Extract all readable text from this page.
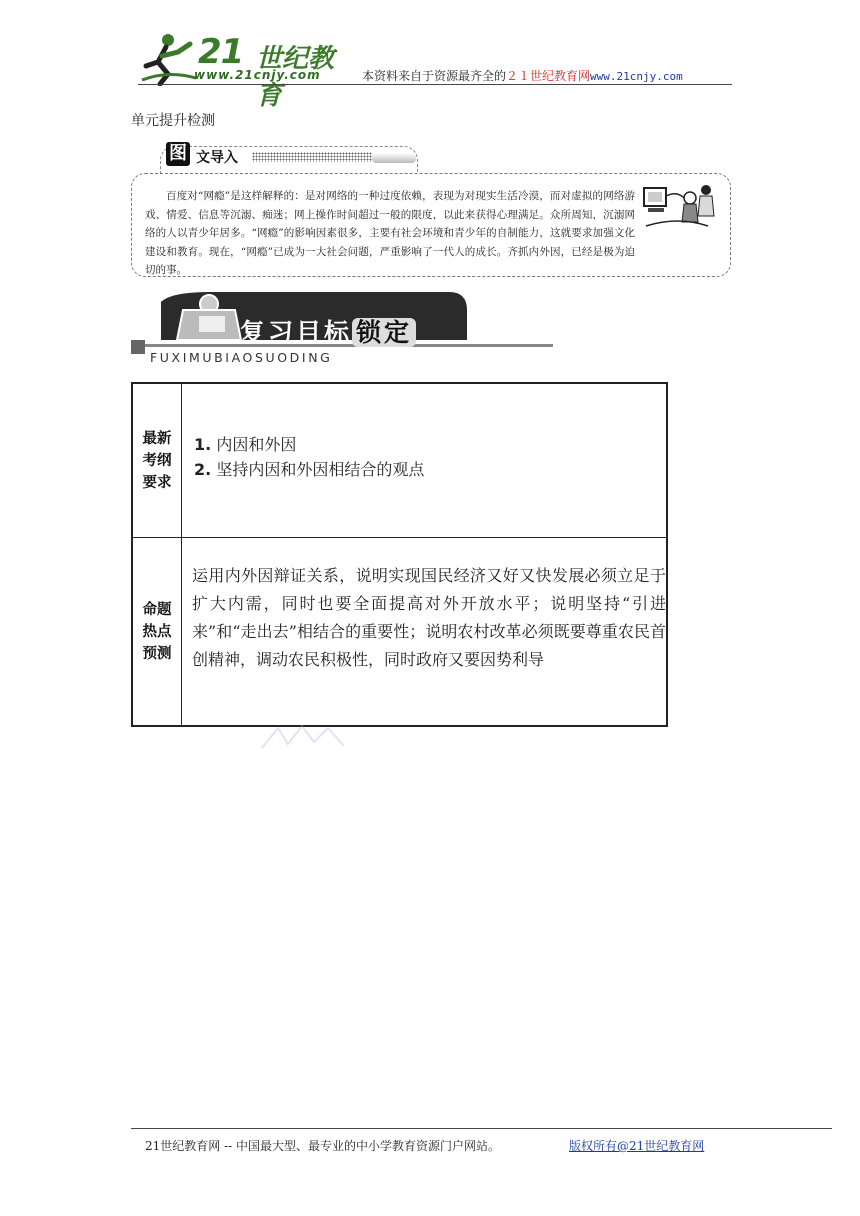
21 世纪教育
www.21cnjy.com	本资料来自于资源最齐全的２１世纪教育网www.21cnjy.com
单元提升检测
图 文导入
百度对“网瘾”是这样解释的：是对网络的一种过度依赖，表现为对现实生活冷漠，而对虚拟的网络游戏、情爱、信息等沉溺、痴迷；网上操作时间超过一般的限度，以此来获得心理满足。众所周知，沉溺网络的人以青少年居多。“网瘾”的影响因素很多，主要有社会环境和青少年的自制能力，这就要求加强文化建设和教育。现在，“网瘾”已成为一大社会问题，严重影响了一代人的成长。齐抓内外因，已经是极为迫切的事。
复习目标 锁定
FUXIMUBIAOSUODING
最新考纲要求
1. 内因和外因
2. 坚持内因和外因相结合的观点
命题热点预测
运用内外因辩证关系，说明实现国民经济又好又快发展必须立足于扩大内需，同时也要全面提高对外开放水平；说明坚持“引进来”和“走出去”相结合的重要性；说明农村改革必须既要尊重农民首创精神，调动农民积极性，同时政府又要因势利导
21世纪教育网 -- 中国最大型、最专业的中小学教育资源门户网站。	版权所有@21世纪教育网
